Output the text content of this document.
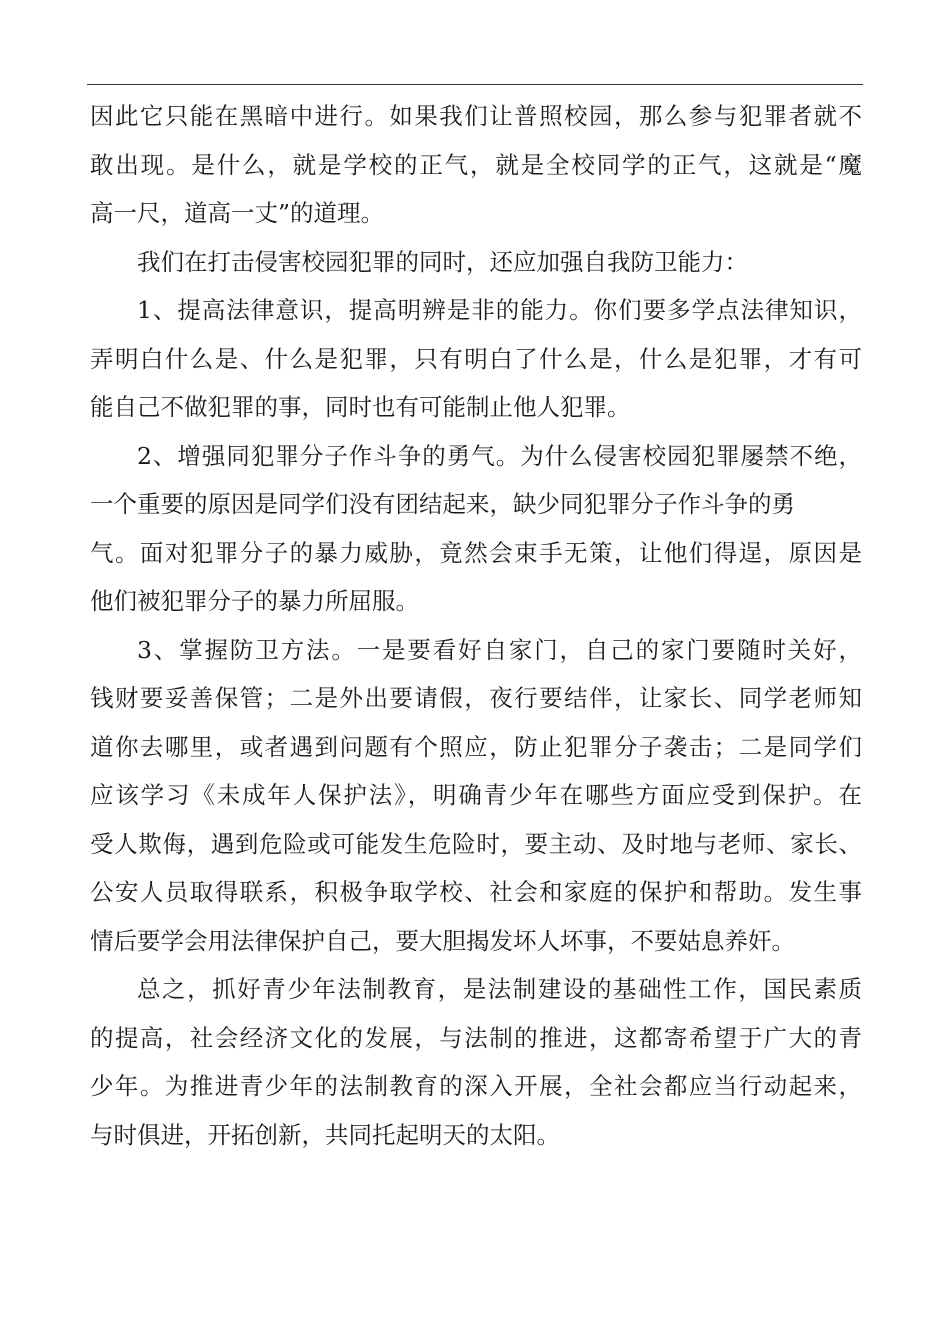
因此它只能在黑暗中进行。如果我们让普照校园，那么参与犯罪者就不
敢出现。是什么，就是学校的正气，就是全校同学的正气，这就是“魔
高一尺，道高一丈”的道理。
我们在打击侵害校园犯罪的同时，还应加强自我防卫能力：
1、提高法律意识，提高明辨是非的能力。你们要多学点法律知识，
弄明白什么是、什么是犯罪，只有明白了什么是，什么是犯罪，才有可
能自己不做犯罪的事，同时也有可能制止他人犯罪。
2、增强同犯罪分子作斗争的勇气。为什么侵害校园犯罪屡禁不绝，
一个重要的原因是同学们没有团结起来，缺少同犯罪分子作斗争的勇
气。面对犯罪分子的暴力威胁，竟然会束手无策，让他们得逞，原因是
他们被犯罪分子的暴力所屈服。
3、掌握防卫方法。一是要看好自家门，自己的家门要随时关好，
钱财要妥善保管；二是外出要请假，夜行要结伴，让家长、同学老师知
道你去哪里，或者遇到问题有个照应，防止犯罪分子袭击；二是同学们
应该学习《未成年人保护法》，明确青少年在哪些方面应受到保护。在
受人欺侮，遇到危险或可能发生危险时，要主动、及时地与老师、家长、
公安人员取得联系，积极争取学校、社会和家庭的保护和帮助。发生事
情后要学会用法律保护自己，要大胆揭发坏人坏事，不要姑息养奸。
总之，抓好青少年法制教育，是法制建设的基础性工作，国民素质
的提高，社会经济文化的发展，与法制的推进，这都寄希望于广大的青
少年。为推进青少年的法制教育的深入开展，全社会都应当行动起来，
与时俱进，开拓创新，共同托起明天的太阳。
